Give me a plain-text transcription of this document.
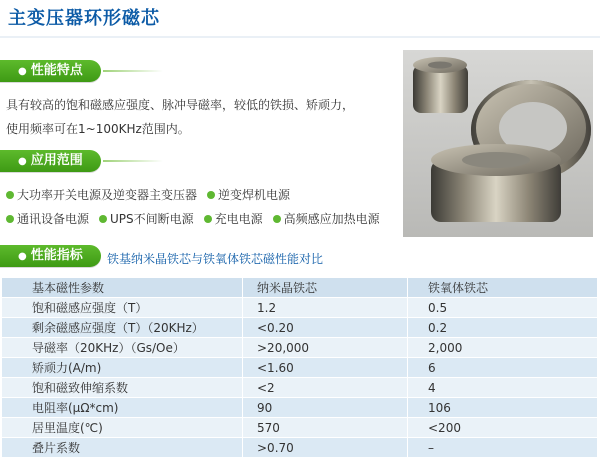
主变压器环形磁芯
● 性能特点
具有较高的饱和磁感应强度、脉冲导磁率，较低的铁损、矫顽力，
使用频率可在1~100KHz范围内。
● 应用范围
大功率开关电源及逆变器主变压器 逆变焊机电源
通讯设备电源 UPS不间断电源 充电电源 高频感应加热电源
● 性能指标	铁基纳米晶铁芯与铁氧体铁芯磁性能对比
基本磁性参数	纳米晶铁芯	铁氧体铁芯
饱和磁感应强度（T）	1.2	0.5
剩余磁感应强度（T）（20KHz）	<0.20	0.2
导磁率（20KHz）（Gs/Oe）	>20,000	2,000
矫顽力(A/m)	<1.60	6
饱和磁致伸缩系数	<2	4
电阻率(μΩ*cm)	90	106
居里温度(℃)	570	<200
叠片系数	>0.70	–
